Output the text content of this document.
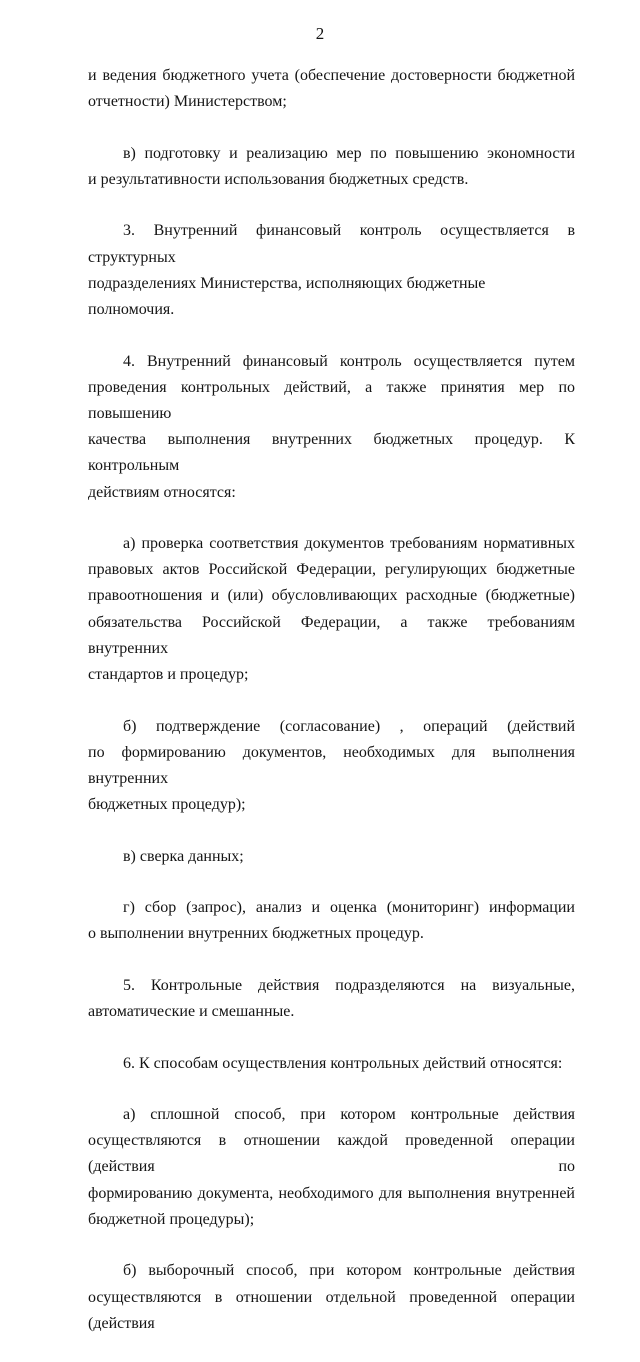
2
и ведения бюджетного учета (обеспечение достоверности бюджетной
отчетности) Министерством;
в) подготовку и реализацию мер по повышению экономности
и результативности использования бюджетных средств.
3. Внутренний финансовый контроль осуществляется в структурных
подразделениях Министерства, исполняющих бюджетные полномочия.
4. Внутренний финансовый контроль осуществляется путем
проведения контрольных действий, а также принятия мер по повышению
качества выполнения внутренних бюджетных процедур. К контрольным
действиям относятся:
а) проверка соответствия документов требованиям нормативных
правовых актов Российской Федерации, регулирующих бюджетные
правоотношения и (или) обусловливающих расходные (бюджетные)
обязательства Российской Федерации, а также требованиям внутренних
стандартов и процедур;
б) подтверждение (согласование) , операций (действий
по формированию документов, необходимых для выполнения внутренних
бюджетных процедур);
в) сверка данных;
г) сбор (запрос), анализ и оценка (мониторинг) информации
о выполнении внутренних бюджетных процедур.
5. Контрольные действия подразделяются на визуальные,
автоматические и смешанные.
6. К способам осуществления контрольных действий относятся:
а) сплошной способ, при котором контрольные действия
осуществляются в отношении каждой проведенной операции (действия по
формированию документа, необходимого для выполнения внутренней
бюджетной процедуры);
б) выборочный способ, при котором контрольные действия
осуществляются в отношении отдельной проведенной операции (действия
